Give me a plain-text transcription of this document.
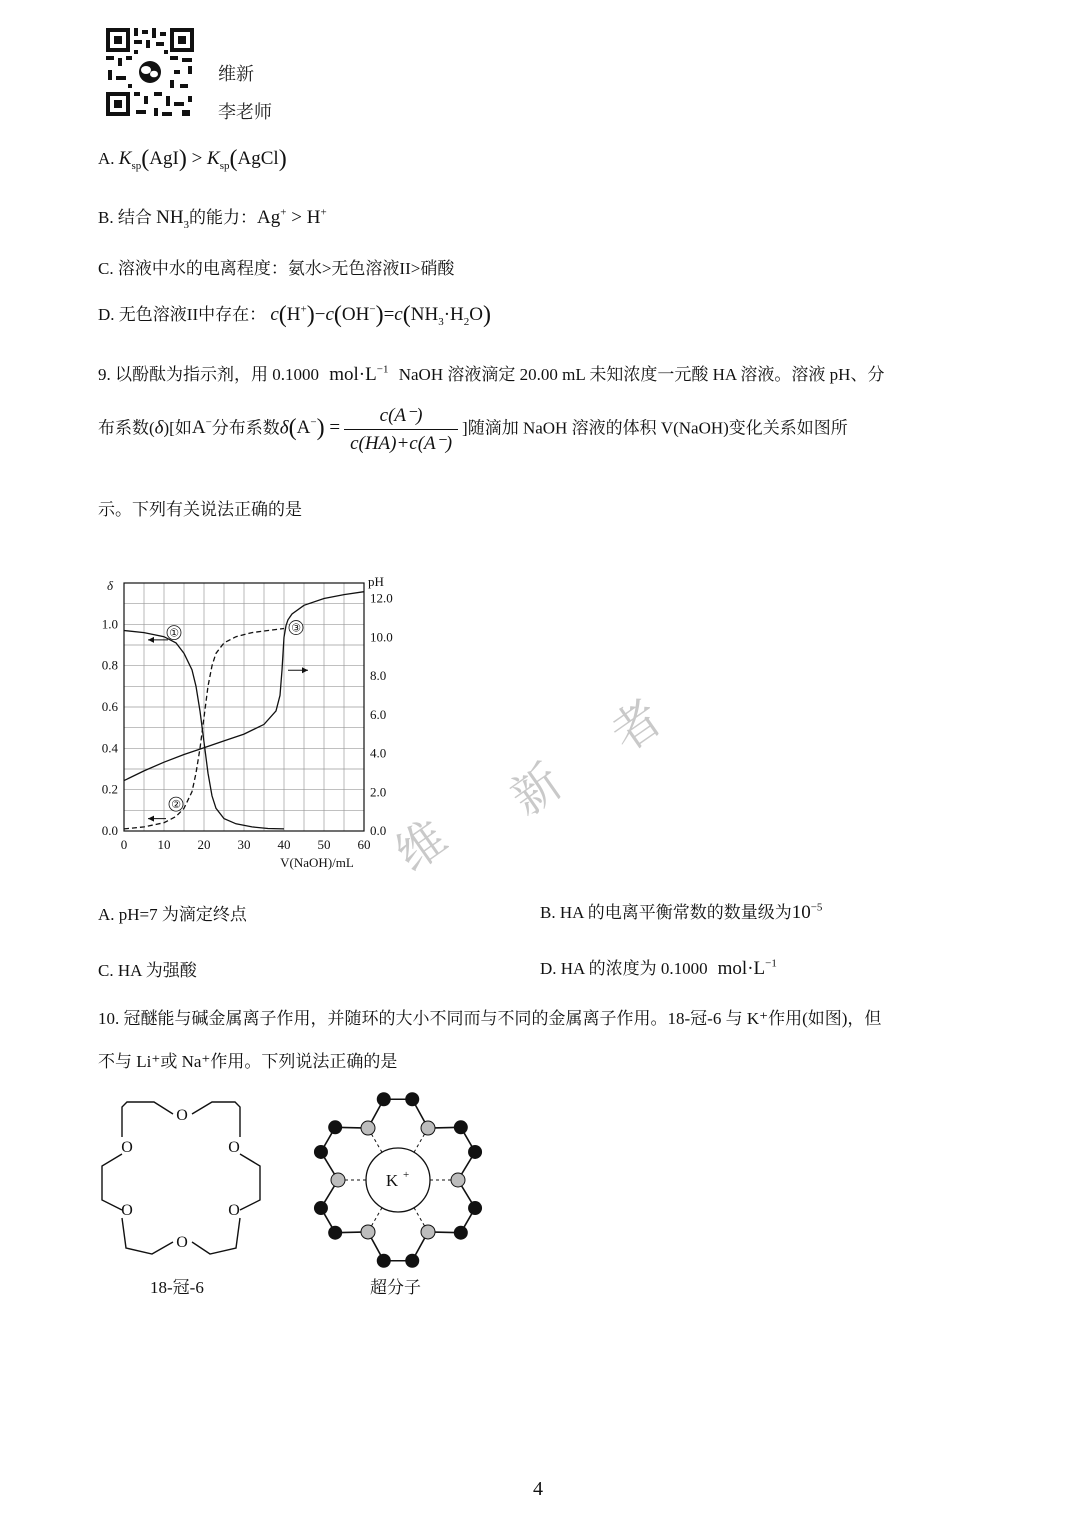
维新
李老师
A. $K_{sp}(AgI)$ > $K_{sp}(AgCl)$
B. 结合 $NH_3$的能力：Ag+ > H+
C. 溶液中水的电离程度：氨水>无色溶液II>硝酸
D. 无色溶液II中存在： $c(H^+)-c(OH^-)=c(NH_3\cdot H_2O)$
9. 以酚酞为指示剂，用 0.1000 $mol\cdot L^{-1}$ NaOH 溶液滴定 20.00 mL 未知浓度一元酸 HA 溶液。溶液 pH、分
布系数(δ)[如A−分布系数$\delta(A^-) = \frac{c(A^-)}{c(HA)+c(A^-)}$ ]随滴加 NaOH 溶液的体积 V(NaOH)变化关系如图所
示。下列有关说法正确的是
0 10 20 30 40 50 60
0.0
0.2
0.4
0.6
0.8
1.0
0.0
2.0
4.0
6.0
8.0
10.0
12.0
δ	pH
V(NaOH)/mL
①
②
③
维
新
者
A. pH=7 为滴定终点	B. HA 的电离平衡常数的数量级为$10^{-5}$
C. HA 为强酸	D. HA 的浓度为 0.1000 $mol\cdot L^{-1}$
10. 冠醚能与碱金属离子作用，并随环的大小不同而与不同的金属离子作用。18-冠-6 与 K⁺作用(如图)，但
不与 Li⁺或 Na⁺作用。下列说法正确的是
O
O	O
O	O
O
18-冠-6
K +
超分子
4
